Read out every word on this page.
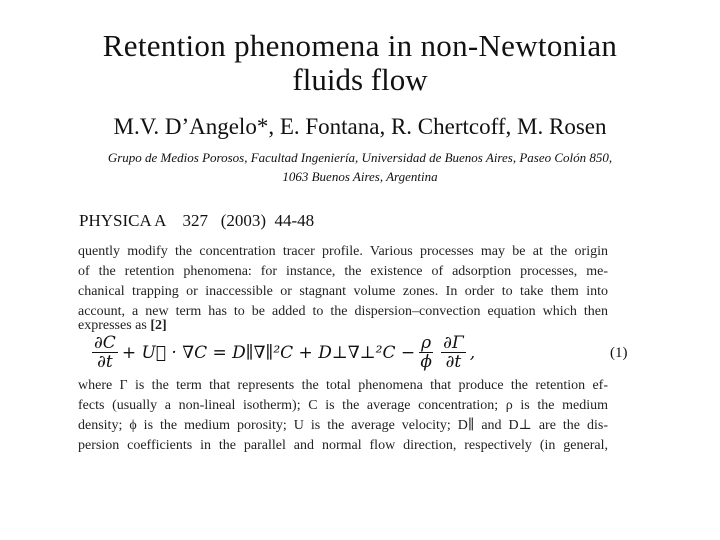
Retention phenomena in non-Newtonian
fluids flow
M.V. D’Angelo*, E. Fontana, R. Chertcoff, M. Rosen
Grupo de Medios Porosos, Facultad Ingeniería, Universidad de Buenos Aires, Paseo Colón 850,
1063 Buenos Aires, Argentina
PHYSICA A    327   (2003)  44-48
quently modify the concentration tracer profile. Various processes may be at the origin
of the retention phenomena: for instance, the existence of adsorption processes, me-
chanical trapping or inaccessible or stagnant volume zones. In order to take them into
account, a new term has to be added to the dispersion–convection equation which then
expresses as [2]
$\frac{\partial C}{\partial t}$ + U⃗ · ∇C = D∥∇∥²C + D⊥∇⊥²C − $\frac{\rho}{\phi} \frac{\partial\Gamma}{\partial t}$ ,	(1)
where Γ is the term that represents the total phenomena that produce the retention ef-
fects (usually a non-lineal isotherm); C is the average concentration; ρ is the medium
density; ϕ is the medium porosity; U is the average velocity; D∥ and D⊥ are the dis-
persion coefficients in the parallel and normal flow direction, respectively (in general,
